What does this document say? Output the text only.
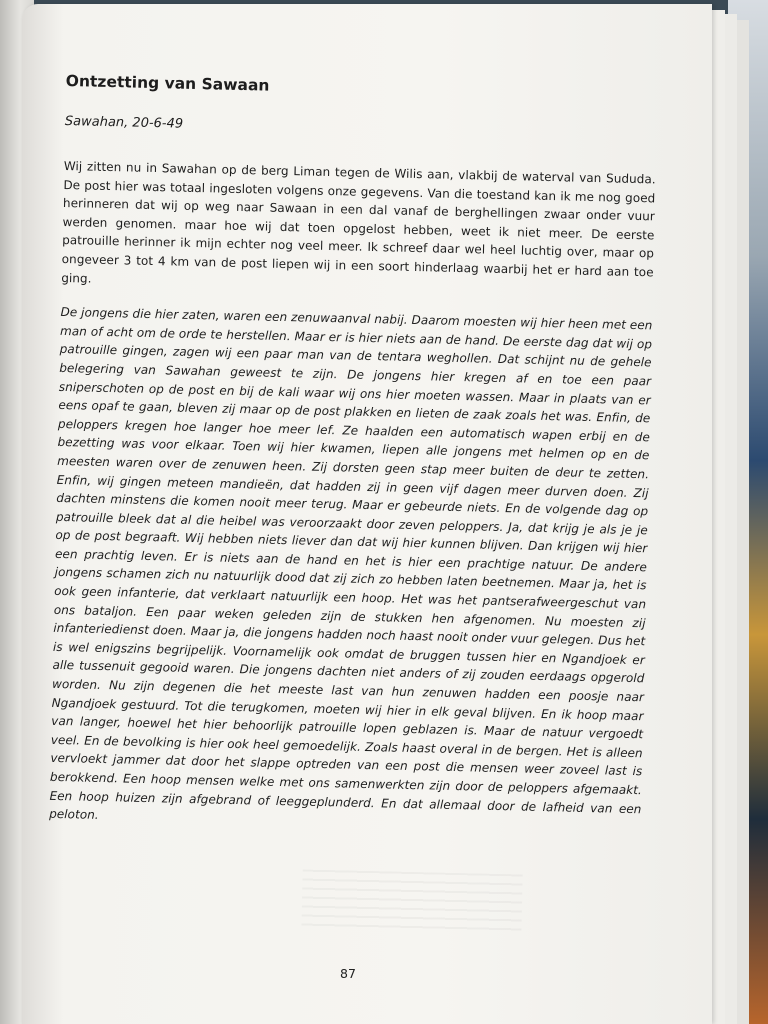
Ontzetting van Sawaan
Sawahan, 20-6-49

Wij zitten nu in Sawahan op de berg Liman tegen de Wilis aan, vlakbij de waterval van Sududa. De post hier was totaal ingesloten volgens onze gegevens. Van die toestand kan ik me nog goed herinneren dat wij op weg naar Sawaan in een dal vanaf de berghellingen zwaar onder vuur werden genomen. maar hoe wij dat toen opgelost hebben, weet ik niet meer. De eerste patrouille herinner ik mijn echter nog veel meer. Ik schreef daar wel heel luchtig over, maar op ongeveer 3 tot 4 km van de post liepen wij in een soort hinderlaag waarbij het er hard aan toe ging.

De jongens die hier zaten, waren een zenuwaanval nabij. Daarom moesten wij hier heen met een man of acht om de orde te herstellen. Maar er is hier niets aan de hand. De eerste dag dat wij op patrouille gingen, zagen wij een paar man van de tentara weghollen. Dat schijnt nu de gehele belegering van Sawahan geweest te zijn. De jongens hier kregen af en toe een paar sniperschoten op de post en bij de kali waar wij ons hier moeten wassen. Maar in plaats van er eens opaf te gaan, bleven zij maar op de post plakken en lieten de zaak zoals het was. Enfin, de peloppers kregen hoe langer hoe meer lef. Ze haalden een automatisch wapen erbij en de bezetting was voor elkaar. Toen wij hier kwamen, liepen alle jongens met helmen op en de meesten waren over de zenuwen heen. Zij dorsten geen stap meer buiten de deur te zetten. Enfin, wij gingen meteen mandieën, dat hadden zij in geen vijf dagen meer durven doen. Zij dachten minstens die komen nooit meer terug. Maar er gebeurde niets. En de volgende dag op patrouille bleek dat al die heibel was veroorzaakt door zeven peloppers. Ja, dat krijg je als je je op de post begraaft. Wij hebben niets liever dan dat wij hier kunnen blijven. Dan krijgen wij hier een prachtig leven. Er is niets aan de hand en het is hier een prachtige natuur. De andere jongens schamen zich nu natuurlijk dood dat zij zich zo hebben laten beetnemen. Maar ja, het is ook geen infanterie, dat verklaart natuurlijk een hoop. Het was het pantserafweergeschut van ons bataljon. Een paar weken geleden zijn de stukken hen afgenomen. Nu moesten zij infanteriedienst doen. Maar ja, die jongens hadden noch haast nooit onder vuur gelegen. Dus het is wel enigszins begrijpelijk. Voornamelijk ook omdat de bruggen tussen hier en Ngandjoek er alle tussenuit gegooid waren. Die jongens dachten niet anders of zij zouden eerdaags opgerold worden. Nu zijn degenen die het meeste last van hun zenuwen hadden een poosje naar Ngandjoek gestuurd. Tot die terugkomen, moeten wij hier in elk geval blijven. En ik hoop maar van langer, hoewel het hier behoorlijk patrouille lopen geblazen is. Maar de natuur vergoedt veel. En de bevolking is hier ook heel gemoedelijk. Zoals haast overal in de bergen. Het is alleen vervloekt jammer dat door het slappe optreden van een post die mensen weer zoveel last is berokkend. Een hoop mensen welke met ons samenwerkten zijn door de peloppers afgemaakt. Een hoop huizen zijn afgebrand of leeggeplunderd. En dat allemaal door de lafheid van een peloton.

87
